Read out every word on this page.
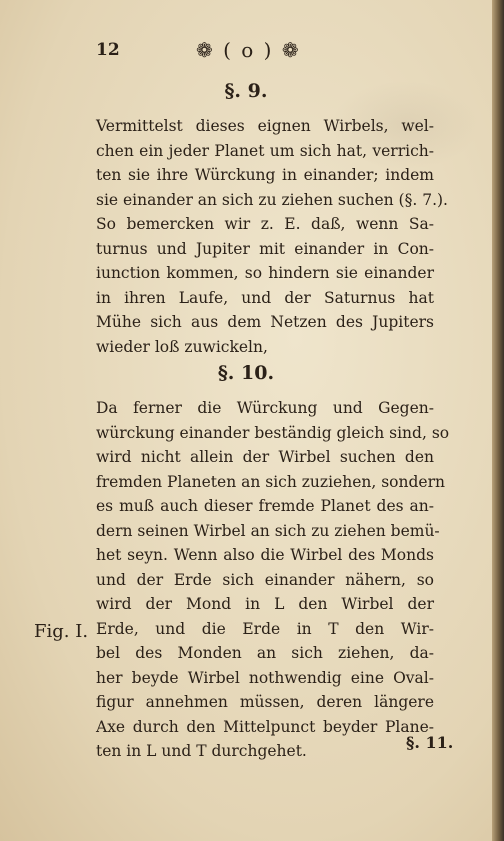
12	❁ ( o ) ❁
§. 9.
Vermittelst dieses eignen Wirbels, wel-
chen ein jeder Planet um sich hat, verrich-
ten sie ihre Würckung in einander; indem
sie einander an sich zu ziehen suchen (§. 7.).
So bemercken wir z. E. daß, wenn Sa-
turnus und Jupiter mit einander in Con-
iunction kommen, so hindern sie einander
in ihren Laufe, und der Saturnus hat
Mühe sich aus dem Netzen des Jupiters
wieder loß zuwickeln,
§. 10.
Da ferner die Würckung und Gegen-
würckung einander beständig gleich sind, so
wird nicht allein der Wirbel suchen den
fremden Planeten an sich zuziehen, sondern
es muß auch dieser fremde Planet des an-
dern seinen Wirbel an sich zu ziehen bemü-
het seyn. Wenn also die Wirbel des Monds
und der Erde sich einander nähern, so
wird der Mond in L den Wirbel der
Erde, und die Erde in T den Wir-
bel des Monden an sich ziehen, da-
her beyde Wirbel nothwendig eine Oval-
figur annehmen müssen, deren längere
Axe durch den Mittelpunct beyder Plane-
ten in L und T durchgehet.
Fig. I.
§. 11.
